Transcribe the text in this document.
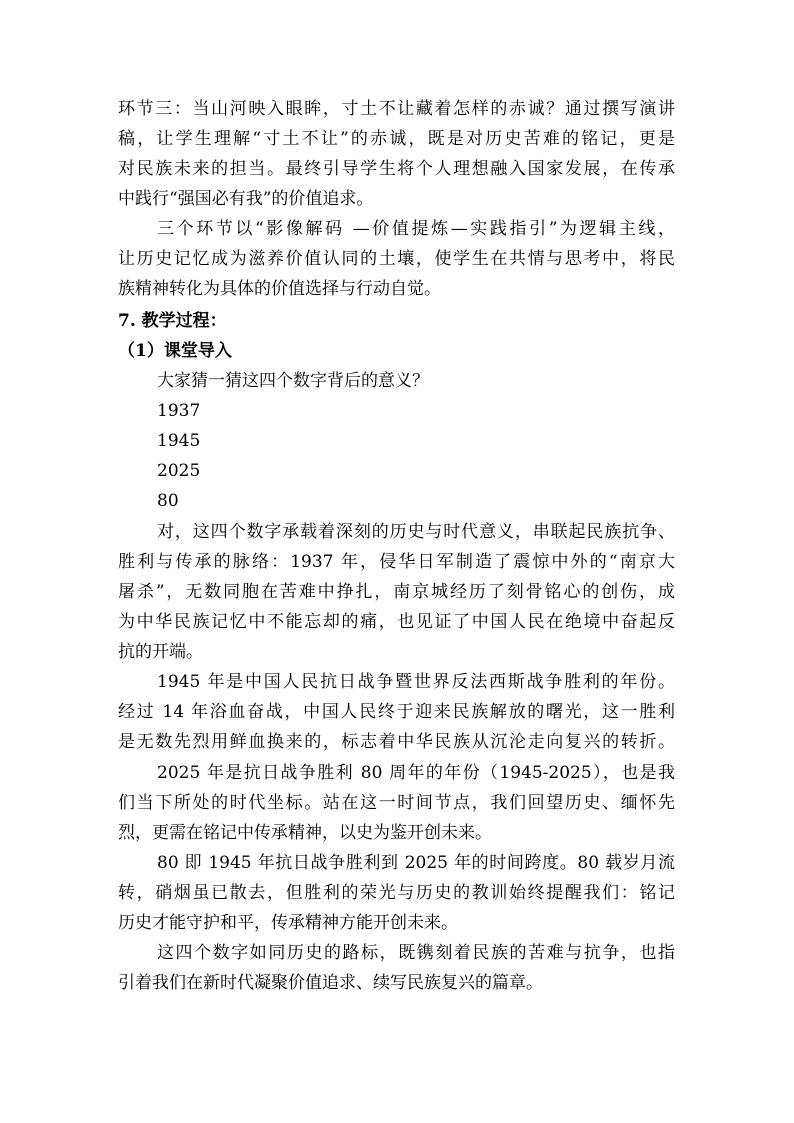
环节三：当山河映入眼眸，寸土不让藏着怎样的赤诚？通过撰写演讲
稿，让学生理解“寸土不让”的赤诚，既是对历史苦难的铭记，更是
对民族未来的担当。最终引导学生将个人理想融入国家发展，在传承
中践行“强国必有我”的价值追求。
三个环节以“影像解码 —价值提炼—实践指引”为逻辑主线，
让历史记忆成为滋养价值认同的土壤，使学生在共情与思考中，将民
族精神转化为具体的价值选择与行动自觉。
7. 教学过程：
（1）课堂导入
大家猜一猜这四个数字背后的意义？
1937
1945
2025
80
对，这四个数字承载着深刻的历史与时代意义，串联起民族抗争、
胜利与传承的脉络：1937 年，侵华日军制造了震惊中外的“南京大
屠杀”，无数同胞在苦难中挣扎，南京城经历了刻骨铭心的创伤，成
为中华民族记忆中不能忘却的痛，也见证了中国人民在绝境中奋起反
抗的开端。
1945 年是中国人民抗日战争暨世界反法西斯战争胜利的年份。
经过 14 年浴血奋战，中国人民终于迎来民族解放的曙光，这一胜利
是无数先烈用鲜血换来的，标志着中华民族从沉沦走向复兴的转折。
2025 年是抗日战争胜利 80 周年的年份（1945-2025），也是我
们当下所处的时代坐标。站在这一时间节点，我们回望历史、缅怀先
烈，更需在铭记中传承精神，以史为鉴开创未来。
80 即 1945 年抗日战争胜利到 2025 年的时间跨度。80 载岁月流
转，硝烟虽已散去，但胜利的荣光与历史的教训始终提醒我们：铭记
历史才能守护和平，传承精神方能开创未来。
这四个数字如同历史的路标，既镌刻着民族的苦难与抗争，也指
引着我们在新时代凝聚价值追求、续写民族复兴的篇章。
